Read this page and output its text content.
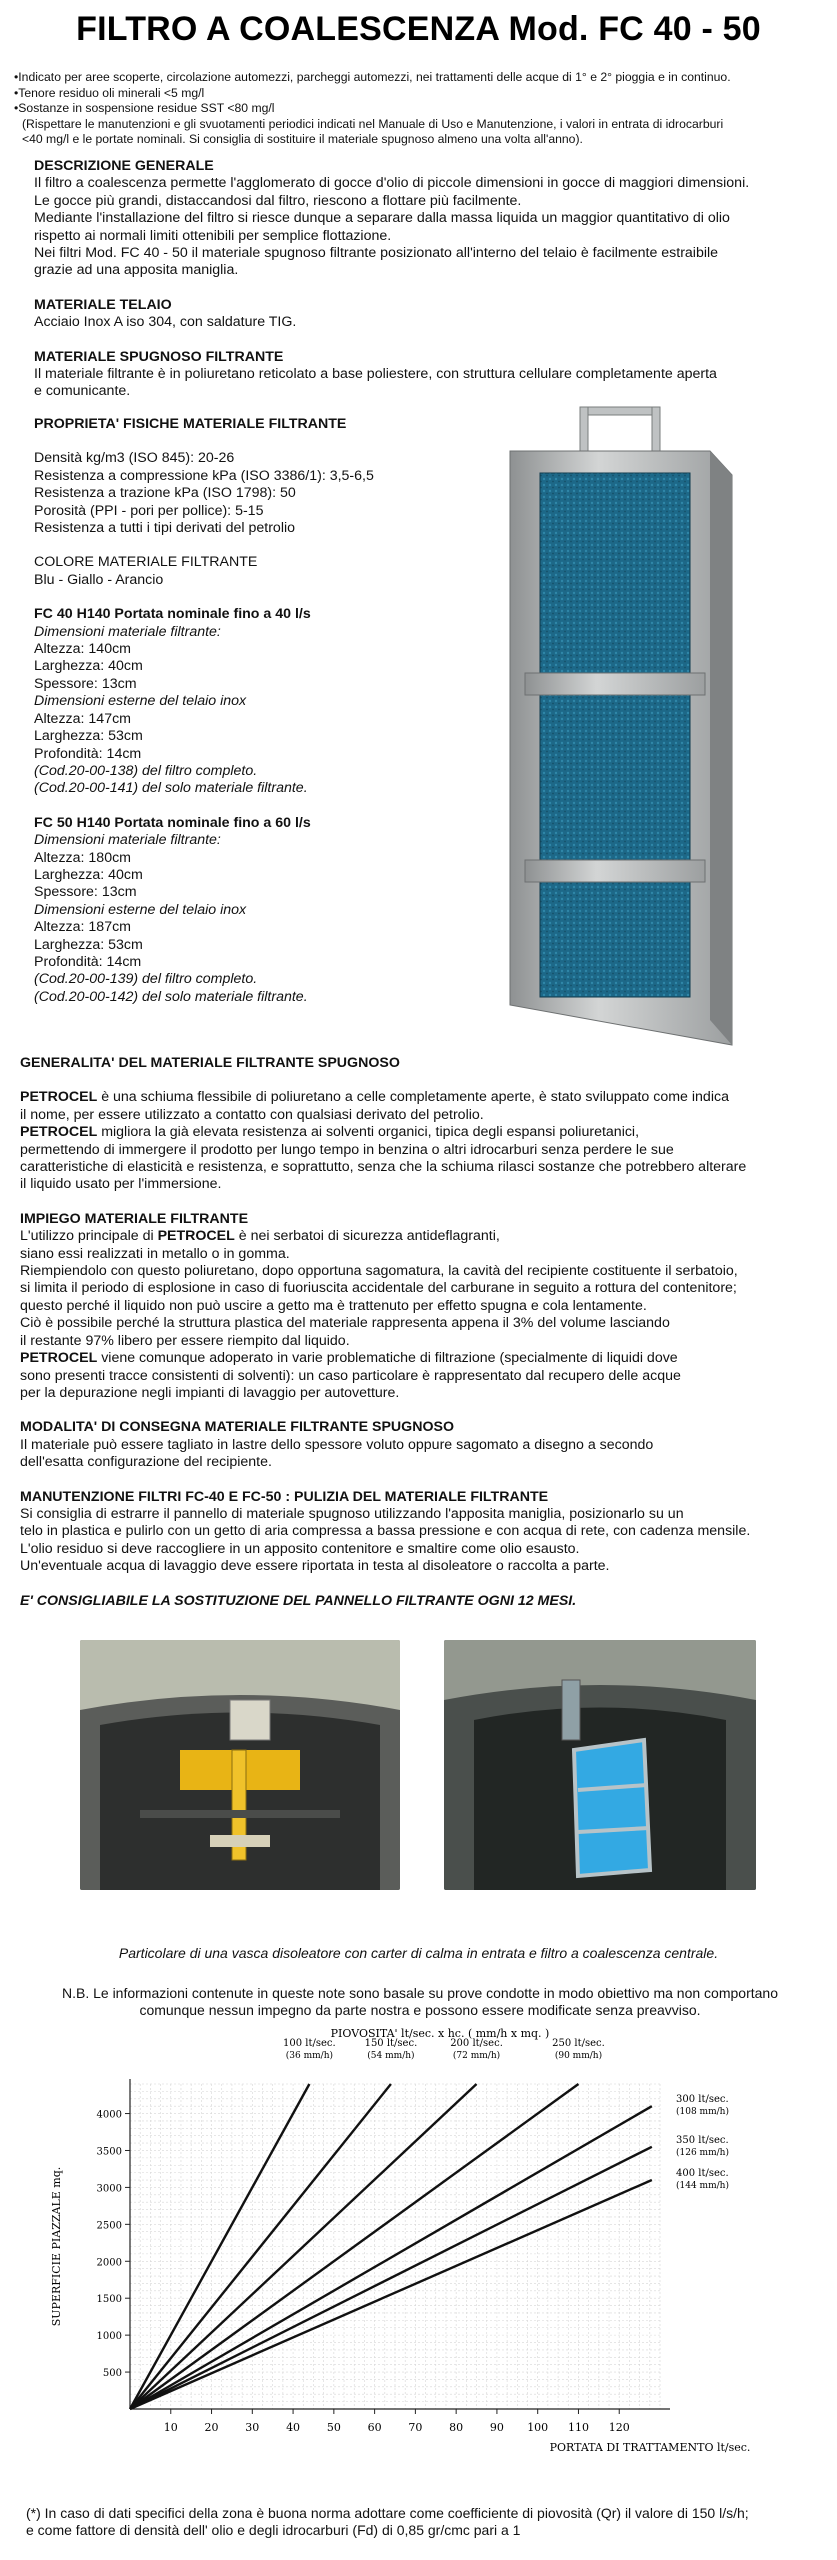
FILTRO A COALESCENZA Mod. FC 40 - 50
• Indicato per aree scoperte, circolazione automezzi, parcheggi automezzi, nei trattamenti delle acque di 1° e 2° pioggia e in continuo.
• Tenore residuo oli minerali <5 mg/l
• Sostanze in sospensione residue SST <80 mg/l
(Rispettare le manutenzioni e gli svuotamenti periodici indicati nel Manuale di Uso e Manutenzione, i valori in entrata di idrocarburi
<40 mg/l e le portate nominali. Si consiglia di sostituire il materiale spugnoso almeno una volta all'anno).
DESCRIZIONE GENERALE

Il filtro a coalescenza permette l'agglomerato di gocce d'olio di piccole dimensioni in gocce di maggiori dimensioni.

Le gocce più grandi, distaccandosi dal filtro, riescono a flottare più facilmente.

Mediante l'installazione del filtro si riesce dunque a separare dalla massa liquida un maggior quantitativo di olio

rispetto ai normali limiti ottenibili per semplice flottazione.

Nei filtri Mod. FC 40 - 50 il materiale spugnoso filtrante posizionato all'interno del telaio è facilmente estraibile

grazie ad una apposita maniglia.

MATERIALE TELAIO

Acciaio Inox A iso 304, con saldature TIG.

MATERIALE SPUGNOSO FILTRANTE

Il materiale filtrante è in poliuretano reticolato a base poliestere, con struttura cellulare completamente aperta

e comunicante.

PROPRIETA' FISICHE MATERIALE FILTRANTE

Densità kg/m3 (ISO 845): 20-26

Resistenza a compressione kPa (ISO 3386/1): 3,5-6,5

Resistenza a trazione kPa (ISO 1798): 50

Porosità (PPI - pori per pollice): 5-15

Resistenza a tutti i tipi derivati del petrolio

COLORE MATERIALE FILTRANTE

Blu - Giallo - Arancio

FC 40 H140 Portata nominale fino a 40 l/s

Dimensioni materiale filtrante:

Altezza: 140cm

Larghezza: 40cm

Spessore: 13cm

Dimensioni esterne del telaio inox

Altezza: 147cm

Larghezza: 53cm

Profondità: 14cm

(Cod.20-00-138) del filtro completo.

(Cod.20-00-141) del solo materiale filtrante.

FC 50 H140 Portata nominale fino a 60 l/s

Dimensioni materiale filtrante:

Altezza: 180cm

Larghezza: 40cm

Spessore: 13cm

Dimensioni esterne del telaio inox

Altezza: 187cm

Larghezza: 53cm

Profondità: 14cm

(Cod.20-00-139) del filtro completo.

(Cod.20-00-142) del solo materiale filtrante.

GENERALITA' DEL MATERIALE FILTRANTE SPUGNOSO

PETROCEL è una schiuma flessibile di poliuretano a celle completamente aperte, è stato sviluppato come indica

il nome, per essere utilizzato a contatto con qualsiasi derivato del petrolio.

PETROCEL migliora la già elevata resistenza ai solventi organici, tipica degli espansi poliuretanici,

permettendo di immergere il prodotto per lungo tempo in benzina o altri idrocarburi senza perdere le sue

caratteristiche di elasticità e resistenza, e soprattutto, senza che la schiuma rilasci sostanze che potrebbero alterare

il liquido usato per l'immersione.

IMPIEGO MATERIALE FILTRANTE

L'utilizzo principale di PETROCEL è nei serbatoi di sicurezza antideflagranti,

siano essi realizzati in metallo o in gomma.

Riempiendolo con questo poliuretano, dopo opportuna sagomatura, la cavità del recipiente costituente il serbatoio,

si limita il periodo di esplosione in caso di fuoriuscita accidentale del carburane in seguito a rottura del contenitore;

questo perché il liquido non può uscire a getto ma è trattenuto per effetto spugna e cola lentamente.

Ciò è possibile perché la struttura plastica del materiale rappresenta appena il 3% del volume lasciando

il restante 97% libero per essere riempito dal liquido.

PETROCEL viene comunque adoperato in varie problematiche di filtrazione (specialmente di liquidi dove

sono presenti tracce consistenti di solventi): un caso particolare è rappresentato dal recupero delle acque

per la depurazione negli impianti di lavaggio per autovetture.

MODALITA' DI CONSEGNA MATERIALE FILTRANTE SPUGNOSO

Il materiale può essere tagliato in lastre dello spessore voluto oppure sagomato a disegno a secondo

dell'esatta configurazione del recipiente.

MANUTENZIONE FILTRI FC-40 E FC-50 : PULIZIA DEL MATERIALE FILTRANTE

Si consiglia di estrarre il pannello di materiale spugnoso utilizzando l'apposita maniglia, posizionarlo su un

telo in plastica e pulirlo con un getto di aria compressa a bassa pressione e con acqua di rete, con cadenza mensile.

L'olio residuo si deve raccogliere in un apposito contenitore e smaltire come olio esausto.

Un'eventuale acqua di lavaggio deve essere riportata in testa al disoleatore o raccolta a parte.

E' CONSIGLIABILE LA SOSTITUZIONE DEL PANNELLO FILTRANTE OGNI 12 MESI.

Particolare di una vasca disoleatore con carter di calma in entrata e filtro a coalescenza centrale.
N.B. Le informazioni contenute in queste note sono basale su prove condotte in modo obiettivo ma non comportano
comunque nessun impegno da parte nostra e possono essere modificate senza preavviso.
10 20 30 40 50 60 70 80 90 100 110 120
500
1000
1500
2000
2500
3000
3500
4000
100 lt/sec.
(36 mm/h)
150 lt/sec.
(54 mm/h)
200 lt/sec.
(72 mm/h)
250 lt/sec.
(90 mm/h)
300 lt/sec.
(108 mm/h)
350 lt/sec.
(126 mm/h)
400 lt/sec.
(144 mm/h)
PIOVOSITA' lt/sec. x hc. ( mm/h x mq. )
PORTATA DI TRATTAMENTO lt/sec.
SUPERFICIE PIAZZALE mq.
(*) In caso di dati specifici della zona è buona norma adottare come coefficiente di piovosità (Qr) il valore di 150 l/s/h;
e come fattore di densità dell' olio e degli idrocarburi (Fd) di 0,85 gr/cmc pari a 1
